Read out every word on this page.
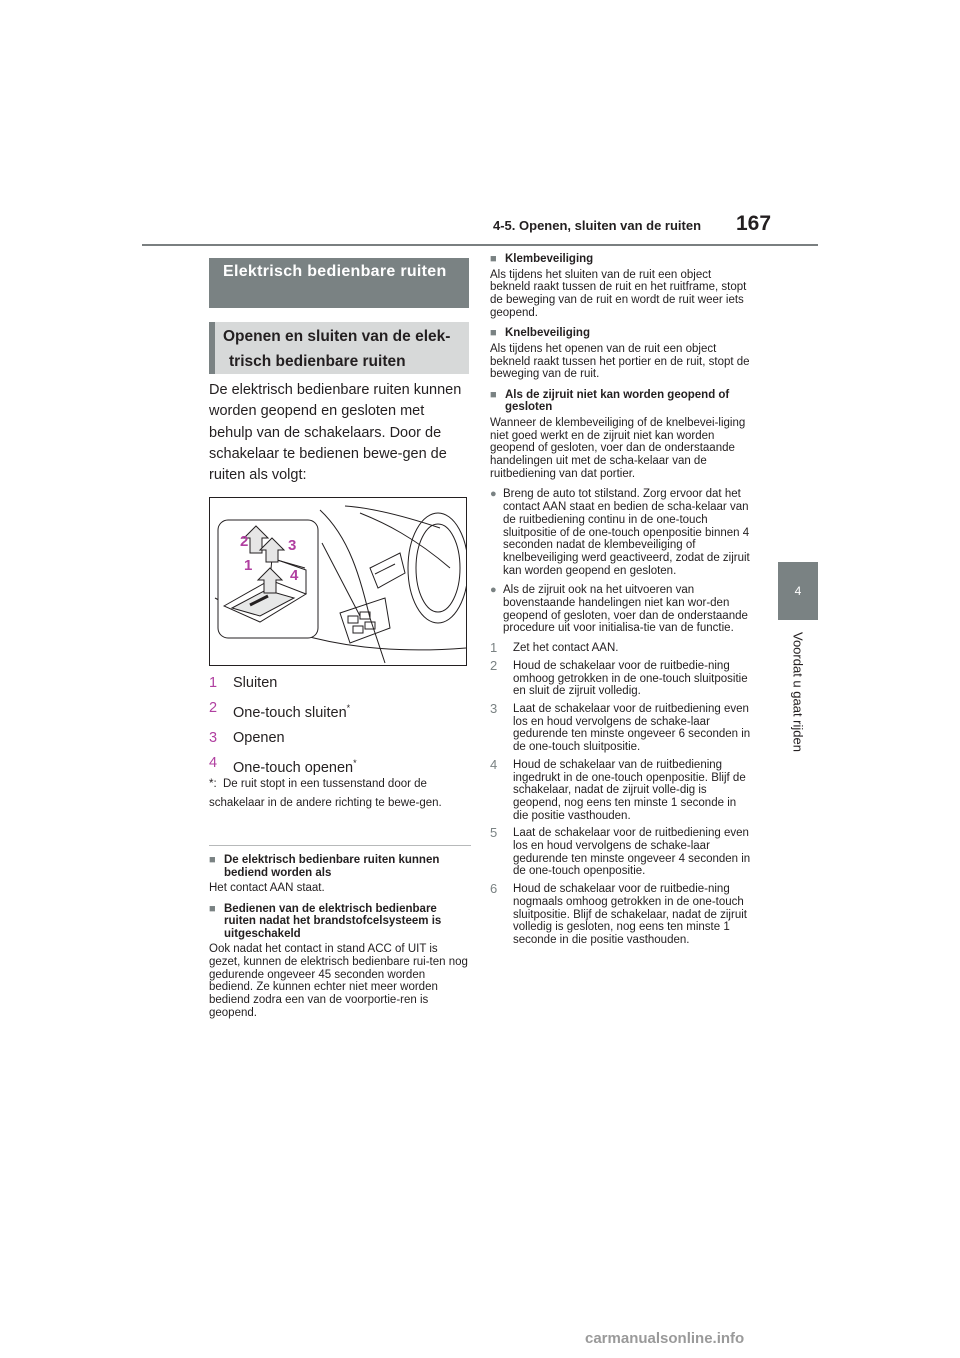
4-5. Openen, sluiten van de ruiten 167
4
Voordat u gaat rijden
Elektrisch bedienbare ruiten
Openen en sluiten van de elek-trisch bedienbare ruiten
De elektrisch bedienbare ruiten kunnen worden geopend en gesloten met behulp van de schakelaars. Door de schakelaar te bedienen bewe-gen de ruiten als volgt:
2	3
1
4
1	Sluiten
2	One-touch sluiten*
3	Openen
4	One-touch openen*
*: De ruit stopt in een tussenstand door de schakelaar in de andere richting te bewe-gen.
■ De elektrisch bedienbare ruiten kunnen bediend worden als
Het contact AAN staat.
■ Bedienen van de elektrisch bedienbare ruiten nadat het brandstofcelsysteem is uitgeschakeld
Ook nadat het contact in stand ACC of UIT is gezet, kunnen de elektrisch bedienbare rui-ten nog gedurende ongeveer 45 seconden worden bediend. Ze kunnen echter niet meer worden bediend zodra een van de voorportie-ren is geopend.
■ Klembeveiliging
Als tijdens het sluiten van de ruit een object bekneld raakt tussen de ruit en het ruitframe, stopt de beweging van de ruit en wordt de ruit weer iets geopend.
■ Knelbeveiliging
Als tijdens het openen van de ruit een object bekneld raakt tussen het portier en de ruit, stopt de beweging van de ruit.
■ Als de zijruit niet kan worden geopend of gesloten
Wanneer de klembeveiliging of de knelbevei-liging niet goed werkt en de zijruit niet kan worden geopend of gesloten, voer dan de onderstaande handelingen uit met de scha-kelaar van de ruitbediening van dat portier.
● Breng de auto tot stilstand. Zorg ervoor dat het contact AAN staat en bedien de scha-kelaar van de ruitbediening continu in de one-touch sluitpositie of de one-touch openpositie binnen 4 seconden nadat de klembeveiliging of knelbeveiliging werd geactiveerd, zodat de zijruit kan worden geopend en gesloten.
● Als de zijruit ook na het uitvoeren van bovenstaande handelingen niet kan wor-den geopend of gesloten, voer dan de onderstaande procedure uit voor initialisa-tie van de functie.
1	Zet het contact AAN.
2	Houd de schakelaar voor de ruitbedie-ning omhoog getrokken in de one-touch sluitpositie en sluit de zijruit volledig.
3	Laat de schakelaar voor de ruitbediening even los en houd vervolgens de schake-laar gedurende ten minste ongeveer 6 seconden in de one-touch sluitpositie.
4	Houd de schakelaar van de ruitbediening ingedrukt in de one-touch openpositie. Blijf de schakelaar, nadat de zijruit volle-dig is geopend, nog eens ten minste 1 seconde in die positie vasthouden.
5	Laat de schakelaar voor de ruitbediening even los en houd vervolgens de schake-laar gedurende ten minste ongeveer 4 seconden in de one-touch openpositie.
6	Houd de schakelaar voor de ruitbedie-ning nogmaals omhoog getrokken in de one-touch sluitpositie. Blijf de schakelaar, nadat de zijruit volledig is gesloten, nog eens ten minste 1 seconde in die positie vasthouden.
carmanualsonline.info
